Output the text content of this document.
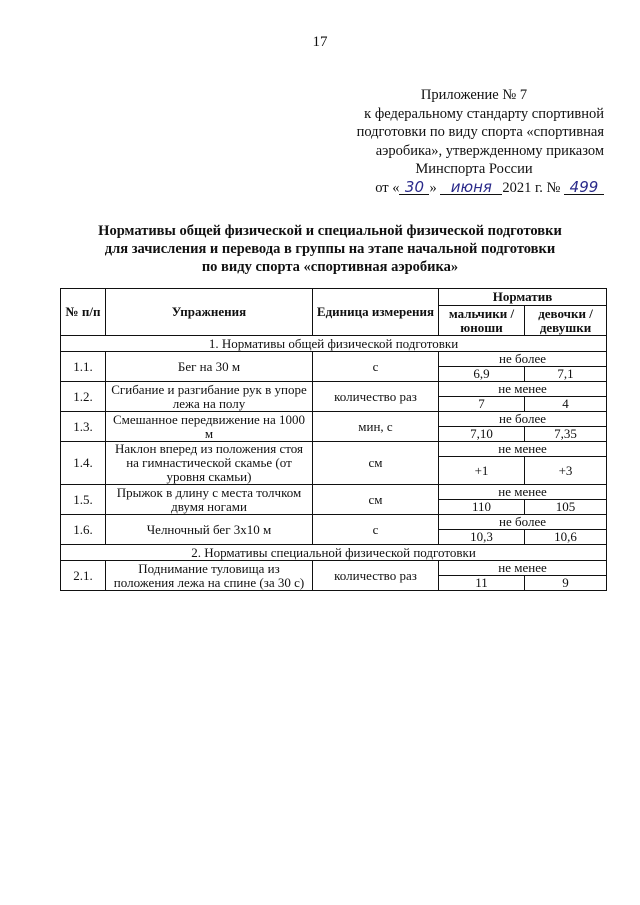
17
Приложение № 7
к федеральному стандарту спортивной
подготовки по виду спорта «спортивная
аэробика», утвержденному приказом
Минспорта России
от « 30 » июня 2021 г. № 499
Нормативы общей физической и специальной физической подготовки
для зачисления и перевода в группы на этапе начальной подготовки
по виду спорта «спортивная аэробика»
№ п/п	Упражнения	Единица измерения	Норматив	
			мальчики /юноши	девочки /девушки
1. Нормативы общей физической подготовки				
1.1.	Бег на 30 м	с	не более	
			6,9	7,1
1.2.	Сгибание и разгибание рук в упоре лежа на полу	количество раз	не менее	
			7	4
1.3.	Смешанное передвижение на 1000 м	мин, с	не более	
			7,10	7,35
1.4.	Наклон вперед из положения стоя на гимнастической скамье (от уровня скамьи)	см	не менее	
			+1	+3
1.5.	Прыжок в длину с места толчком двумя ногами	см	не менее	
			110	105
1.6.	Челночный бег 3х10 м	с	не более	
			10,3	10,6
2. Нормативы специальной физической подготовки				
2.1.	Поднимание туловища из положения лежа на спине (за 30 с)	количество раз	не менее	
			11	9
